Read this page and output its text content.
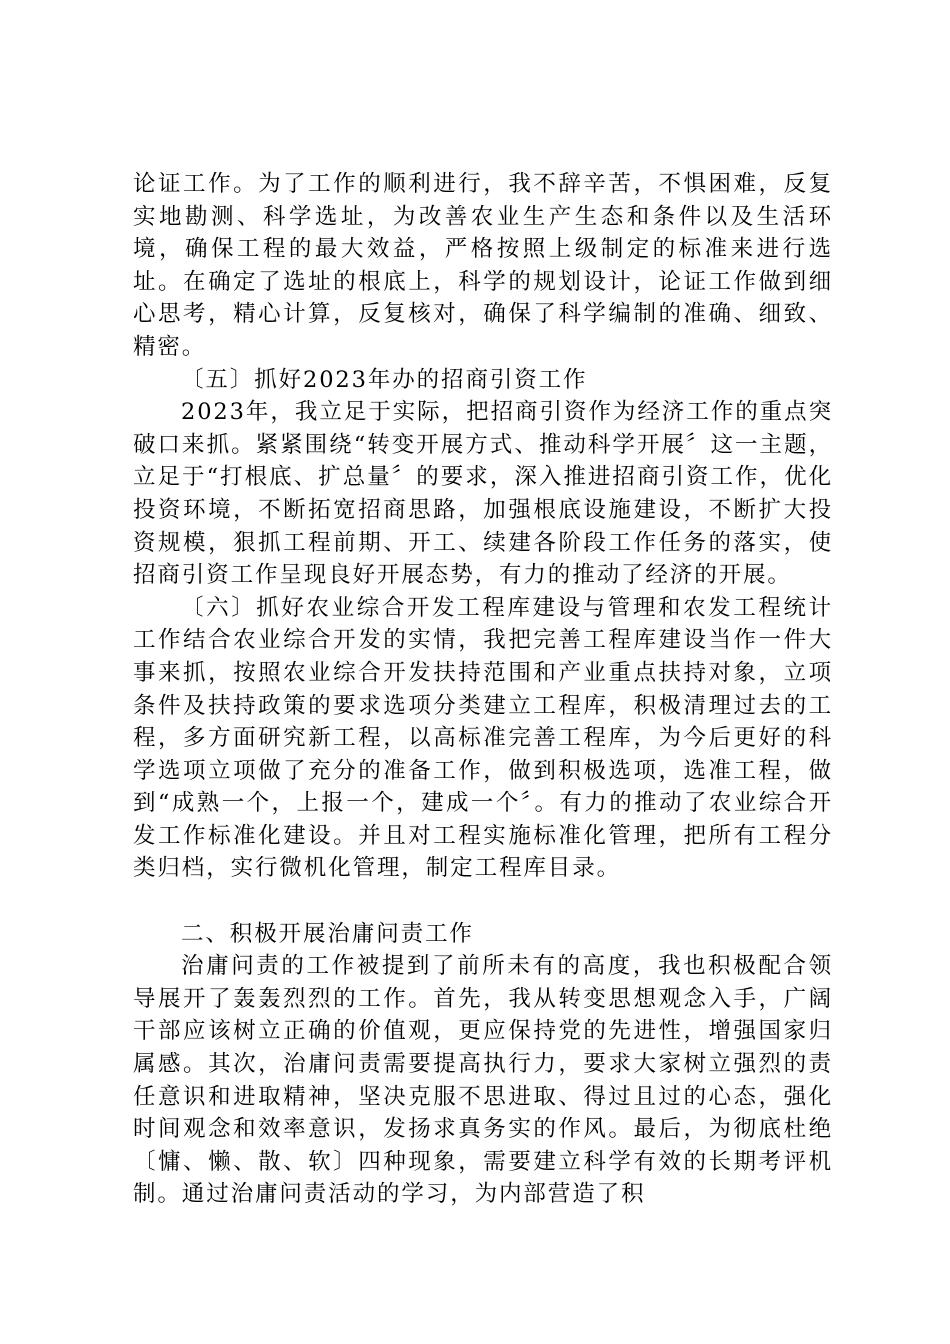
论证工作。为了工作的顺利进行，我不辞辛苦，不惧困难，反复实地勘测、科学选址，为改善农业生产生态和条件以及生活环境，确保工程的最大效益，严格按照上级制定的标准来进行选址。在确定了选址的根底上，科学的规划设计，论证工作做到细心思考，精心计算，反复核对，确保了科学编制的准确、细致、精密。

〔五〕抓好2023年办的招商引资工作

2023年，我立足于实际，把招商引资作为经济工作的重点突破口来抓。紧紧围绕“转变开展方式、推动科学开展〞这一主题，立足于“打根底、扩总量〞的要求，深入推进招商引资工作，优化投资环境，不断拓宽招商思路，加强根底设施建设，不断扩大投资规模，狠抓工程前期、开工、续建各阶段工作任务的落实，使招商引资工作呈现良好开展态势，有力的推动了经济的开展。

〔六〕抓好农业综合开发工程库建设与管理和农发工程统计工作结合农业综合开发的实情，我把完善工程库建设当作一件大事来抓，按照农业综合开发扶持范围和产业重点扶持对象，立项条件及扶持政策的要求选项分类建立工程库，积极清理过去的工程，多方面研究新工程，以高标准完善工程库，为今后更好的科学选项立项做了充分的准备工作，做到积极选项，选准工程，做到“成熟一个，上报一个，建成一个〞。有力的推动了农业综合开发工作标准化建设。并且对工程实施标准化管理，把所有工程分类归档，实行微机化管理，制定工程库目录。

二、积极开展治庸问责工作

治庸问责的工作被提到了前所未有的高度，我也积极配合领导展开了轰轰烈烈的工作。首先，我从转变思想观念入手，广阔干部应该树立正确的价值观，更应保持党的先进性，增强国家归属感。其次，治庸问责需要提高执行力，要求大家树立强烈的责任意识和进取精神，坚决克服不思进取、得过且过的心态，强化时间观念和效率意识，发扬求真务实的作风。最后，为彻底杜绝〔慵、懒、散、软〕四种现象，需要建立科学有效的长期考评机制。通过治庸问责活动的学习，为内部营造了积
